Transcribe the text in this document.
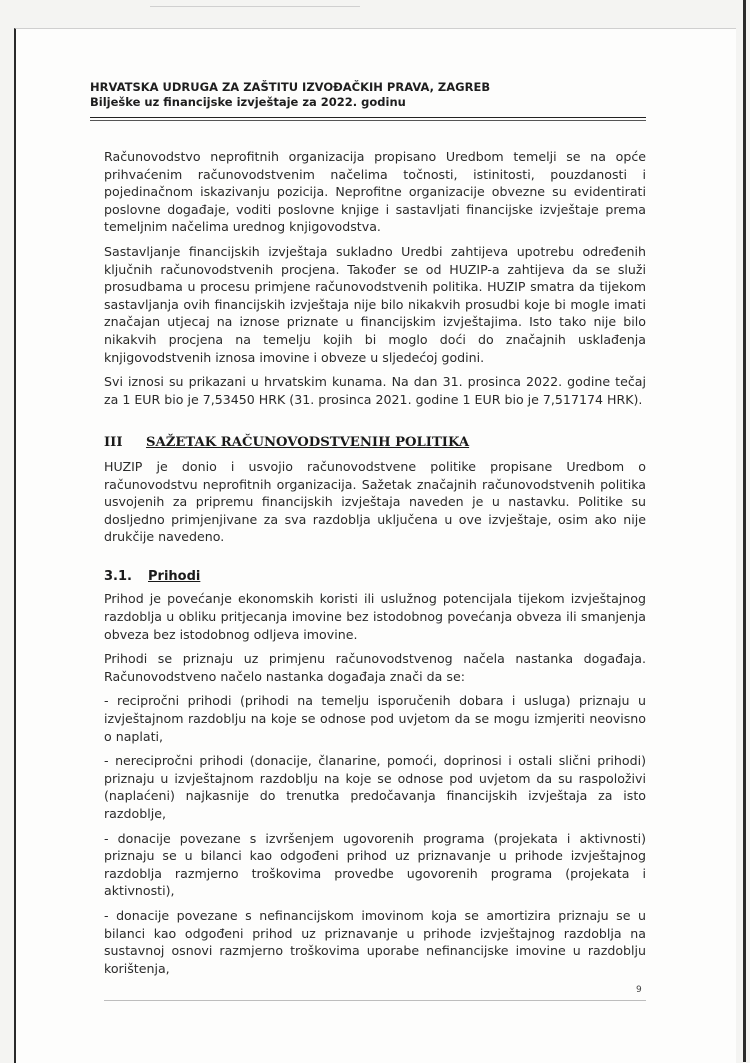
HRVATSKA UDRUGA ZA ZAŠTITU IZVOĐAČKIH PRAVA, ZAGREB
Bilješke uz financijske izvještaje za 2022. godinu

Računovodstvo neprofitnih organizacija propisano Uredbom temelji se na opće prihvaćenim računovodstvenim načelima točnosti, istinitosti, pouzdanosti i pojedinačnom iskazivanju pozicija. Neprofitne organizacije obvezne su evidentirati poslovne događaje, voditi poslovne knjige i sastavljati financijske izvještaje prema temeljnim načelima urednog knjigovodstva.

Sastavljanje financijskih izvještaja sukladno Uredbi zahtijeva upotrebu određenih ključnih računovodstvenih procjena. Također se od HUZIP-a zahtijeva da se služi prosudbama u procesu primjene računovodstvenih politika. HUZIP smatra da tijekom sastavljanja ovih financijskih izvještaja nije bilo nikakvih prosudbi koje bi mogle imati značajan utjecaj na iznose priznate u financijskim izvještajima. Isto tako nije bilo nikakvih procjena na temelju kojih bi moglo doći do značajnih usklađenja knjigovodstvenih iznosa imovine i obveze u sljedećoj godini.

Svi iznosi su prikazani u hrvatskim kunama. Na dan 31. prosinca 2022. godine tečaj za 1 EUR bio je 7,53450 HRK (31. prosinca 2021. godine 1 EUR bio je 7,517174 HRK).

III SAŽETAK RAČUNOVODSTVENIH POLITIKA

HUZIP je donio i usvojio računovodstvene politike propisane Uredbom o računovodstvu neprofitnih organizacija. Sažetak značajnih računovodstvenih politika usvojenih za pripremu financijskih izvještaja naveden je u nastavku. Politike su dosljedno primjenjivane za sva razdoblja uključena u ove izvještaje, osim ako nije drukčije navedeno.

3.1. Prihodi

Prihod je povećanje ekonomskih koristi ili uslužnog potencijala tijekom izvještajnog razdoblja u obliku pritjecanja imovine bez istodobnog povećanja obveza ili smanjenja obveza bez istodobnog odljeva imovine.

Prihodi se priznaju uz primjenu računovodstvenog načela nastanka događaja. Računovodstveno načelo nastanka događaja znači da se:

- recipročni prihodi (prihodi na temelju isporučenih dobara i usluga) priznaju u izvještajnom razdoblju na koje se odnose pod uvjetom da se mogu izmjeriti neovisno o naplati,

- nerecipročni prihodi (donacije, članarine, pomoći, doprinosi i ostali slični prihodi) priznaju u izvještajnom razdoblju na koje se odnose pod uvjetom da su raspoloživi (naplaćeni) najkasnije do trenutka predočavanja financijskih izvještaja za isto razdoblje,

- donacije povezane s izvršenjem ugovorenih programa (projekata i aktivnosti) priznaju se u bilanci kao odgođeni prihod uz priznavanje u prihode izvještajnog razdoblja razmjerno troškovima provedbe ugovorenih programa (projekata i aktivnosti),

- donacije povezane s nefinancijskom imovinom koja se amortizira priznaju se u bilanci kao odgođeni prihod uz priznavanje u prihode izvještajnog razdoblja na sustavnoj osnovi razmjerno troškovima uporabe nefinancijske imovine u razdoblju korištenja,

9
